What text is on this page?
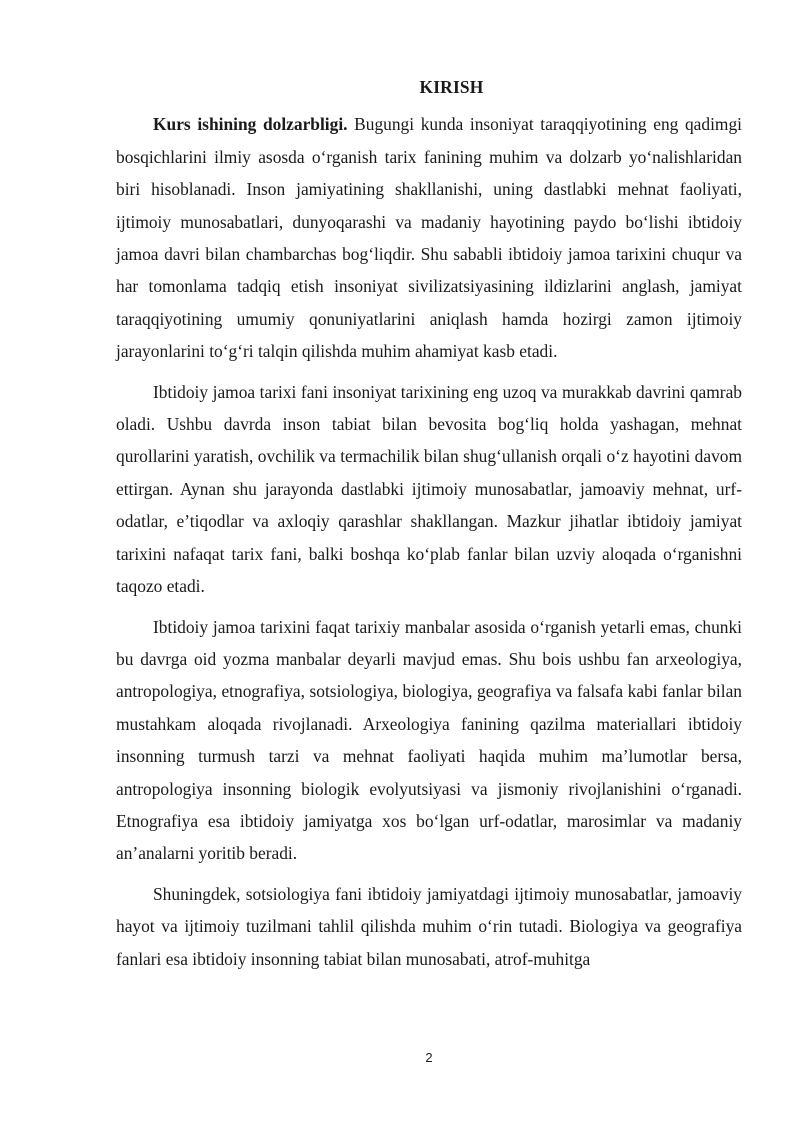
KIRISH

Kurs ishining dolzarbligi. Bugungi kunda insoniyat taraqqiyotining eng qadimgi bosqichlarini ilmiy asosda o‘rganish tarix fanining muhim va dolzarb yo‘nalishlaridan biri hisoblanadi. Inson jamiyatining shakllanishi, uning dastlabki mehnat faoliyati, ijtimoiy munosabatlari, dunyoqarashi va madaniy hayotining paydo bo‘lishi ibtidoiy jamoa davri bilan chambarchas bog‘liqdir. Shu sababli ibtidoiy jamoa tarixini chuqur va har tomonlama tadqiq etish insoniyat sivilizatsiyasining ildizlarini anglash, jamiyat taraqqiyotining umumiy qonuniyatlarini aniqlash hamda hozirgi zamon ijtimoiy jarayonlarini to‘g‘ri talqin qilishda muhim ahamiyat kasb etadi.

Ibtidoiy jamoa tarixi fani insoniyat tarixining eng uzoq va murakkab davrini qamrab oladi. Ushbu davrda inson tabiat bilan bevosita bog‘liq holda yashagan, mehnat qurollarini yaratish, ovchilik va termachilik bilan shug‘ullanish orqali o‘z hayotini davom ettirgan. Aynan shu jarayonda dastlabki ijtimoiy munosabatlar, jamoaviy mehnat, urf-odatlar, e’tiqodlar va axloqiy qarashlar shakllangan. Mazkur jihatlar ibtidoiy jamiyat tarixini nafaqat tarix fani, balki boshqa ko‘plab fanlar bilan uzviy aloqada o‘rganishni taqozo etadi.

Ibtidoiy jamoa tarixini faqat tarixiy manbalar asosida o‘rganish yetarli emas, chunki bu davrga oid yozma manbalar deyarli mavjud emas. Shu bois ushbu fan arxeologiya, antropologiya, etnografiya, sotsiologiya, biologiya, geografiya va falsafa kabi fanlar bilan mustahkam aloqada rivojlanadi. Arxeologiya fanining qazilma materiallari ibtidoiy insonning turmush tarzi va mehnat faoliyati haqida muhim ma’lumotlar bersa, antropologiya insonning biologik evolyutsiyasi va jismoniy rivojlanishini o‘rganadi. Etnografiya esa ibtidoiy jamiyatga xos bo‘lgan urf-odatlar, marosimlar va madaniy an’analarni yoritib beradi.

Shuningdek, sotsiologiya fani ibtidoiy jamiyatdagi ijtimoiy munosabatlar, jamoaviy hayot va ijtimoiy tuzilmani tahlil qilishda muhim o‘rin tutadi. Biologiya va geografiya fanlari esa ibtidoiy insonning tabiat bilan munosabati, atrof-muhitga

2
